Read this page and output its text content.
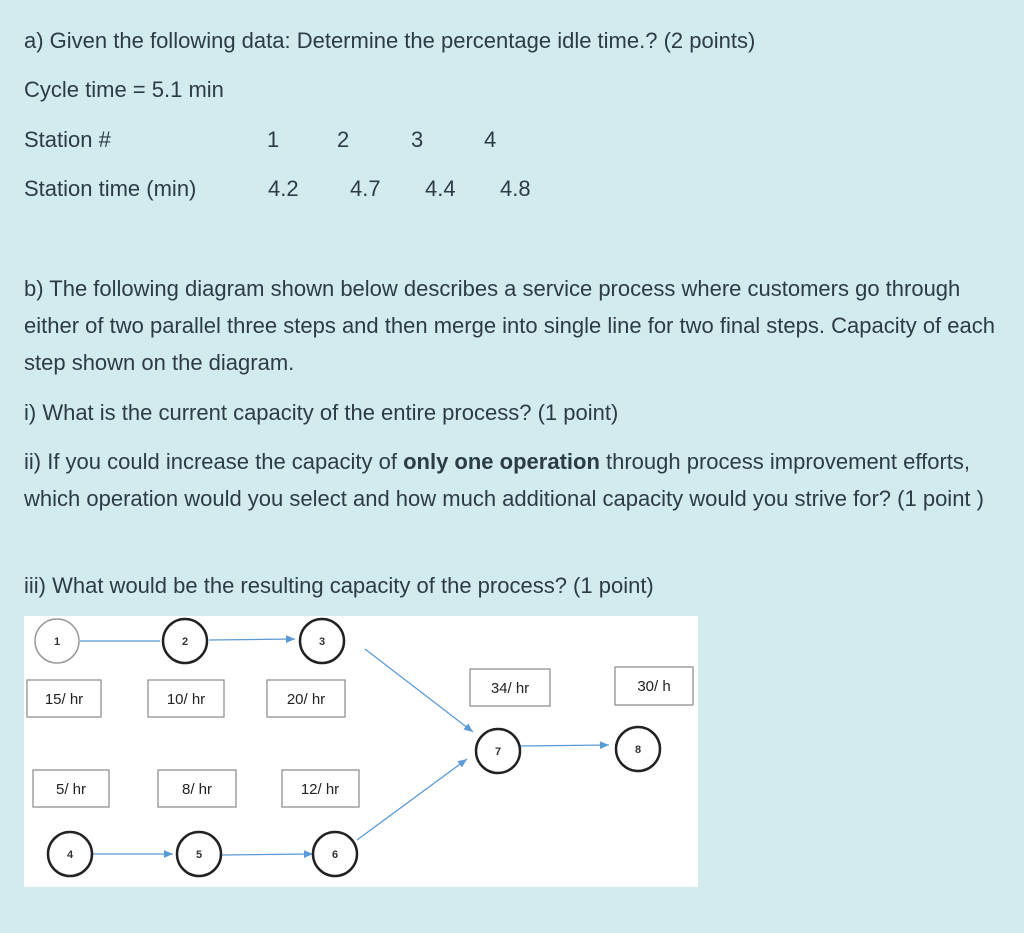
a) Given the following data: Determine the percentage idle time.? (2 points)
Cycle time = 5.1 min
Station #	1	2	3	4
Station time (min)	4.2 4.7 4.4 4.8
b) The following diagram shown below describes a service process where customers go through either of two parallel three steps and then merge into single line for two final steps. Capacity of each step shown on the diagram.
i) What is the current capacity of the entire process? (1 point)
ii) If you could increase the capacity of only one operation through process improvement efforts, which operation would you select and how much additional capacity would you strive for? (1 point )
iii) What would be the resulting capacity of the process? (1 point)
1	2	3
4	5	6
7	8
15/ hr	10/ hr	20/ hr
5/ hr	8/ hr	12/ hr
34/ hr	30/ h
